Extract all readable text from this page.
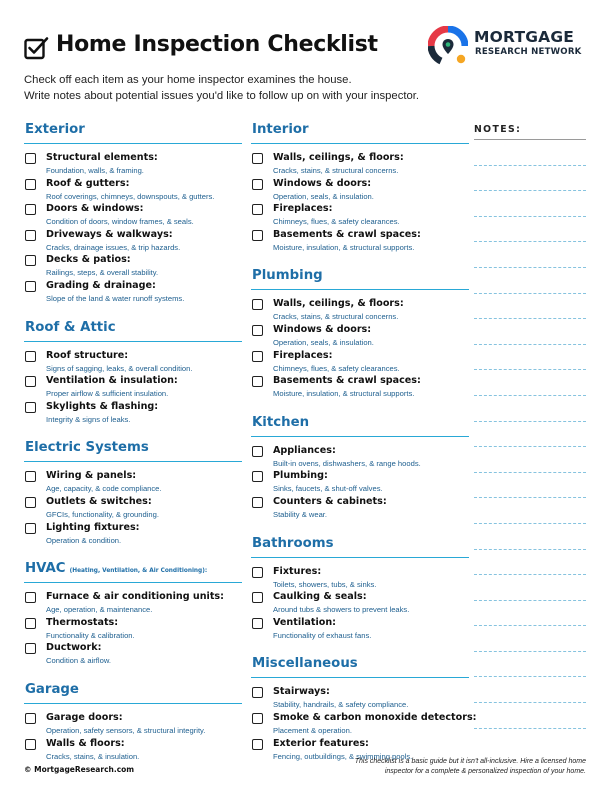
Home Inspection Checklist	MORTGAGE
RESEARCH NETWORK
Check off each item as your home inspector examines the house.
Write notes about potential issues you'd like to follow up on with your inspector.
Exterior
Structural elements:
Foundation, walls, & framing.
Roof & gutters:
Roof coverings, chimneys, downspouts, & gutters.
Doors & windows:
Condition of doors, window frames, & seals.
Driveways & walkways:
Cracks, drainage issues, & trip hazards.
Decks & patios:
Railings, steps, & overall stability.
Grading & drainage:
Slope of the land & water runoff systems.
Roof & Attic
Roof structure:
Signs of sagging, leaks, & overall condition.
Ventilation & insulation:
Proper airflow & sufficient insulation.
Skylights & flashing:
Integrity & signs of leaks.
Electric Systems
Wiring & panels:
Age, capacity, & code compliance.
Outlets & switches:
GFCIs, functionality, & grounding.
Lighting fixtures:
Operation & condition.
HVAC (Heating, Ventilation, & Air Conditioning):
Furnace & air conditioning units:
Age, operation, & maintenance.
Thermostats:
Functionality & calibration.
Ductwork:
Condition & airflow.
Garage
Garage doors:
Operation, safety sensors, & structural integrity.
Walls & floors:
Cracks, stains, & insulation.
Interior
Walls, ceilings, & floors:
Cracks, stains, & structural concerns.
Windows & doors:
Operation, seals, & insulation.
Fireplaces:
Chimneys, flues, & safety clearances.
Basements & crawl spaces:
Moisture, insulation, & structural supports.
Plumbing
Walls, ceilings, & floors:
Cracks, stains, & structural concerns.
Windows & doors:
Operation, seals, & insulation.
Fireplaces:
Chimneys, flues, & safety clearances.
Basements & crawl spaces:
Moisture, insulation, & structural supports.
Kitchen
Appliances:
Built-in ovens, dishwashers, & range hoods.
Plumbing:
Sinks, faucets, & shut-off valves.
Counters & cabinets:
Stability & wear.
Bathrooms
Fixtures:
Toilets, showers, tubs, & sinks.
Caulking & seals:
Around tubs & showers to prevent leaks.
Ventilation:
Functionality of exhaust fans.
Miscellaneous
Stairways:
Stability, handrails, & safety compliance.
Smoke & carbon monoxide detectors:
Placement & operation.
Exterior features:
Fencing, outbuildings, & swimming pools.
NOTES:
© MortgageResearch.com
This checklist is a basic guide but it isn't all-inclusive. Hire a licensed home
inspector for a complete & personalized inspection of your home.
